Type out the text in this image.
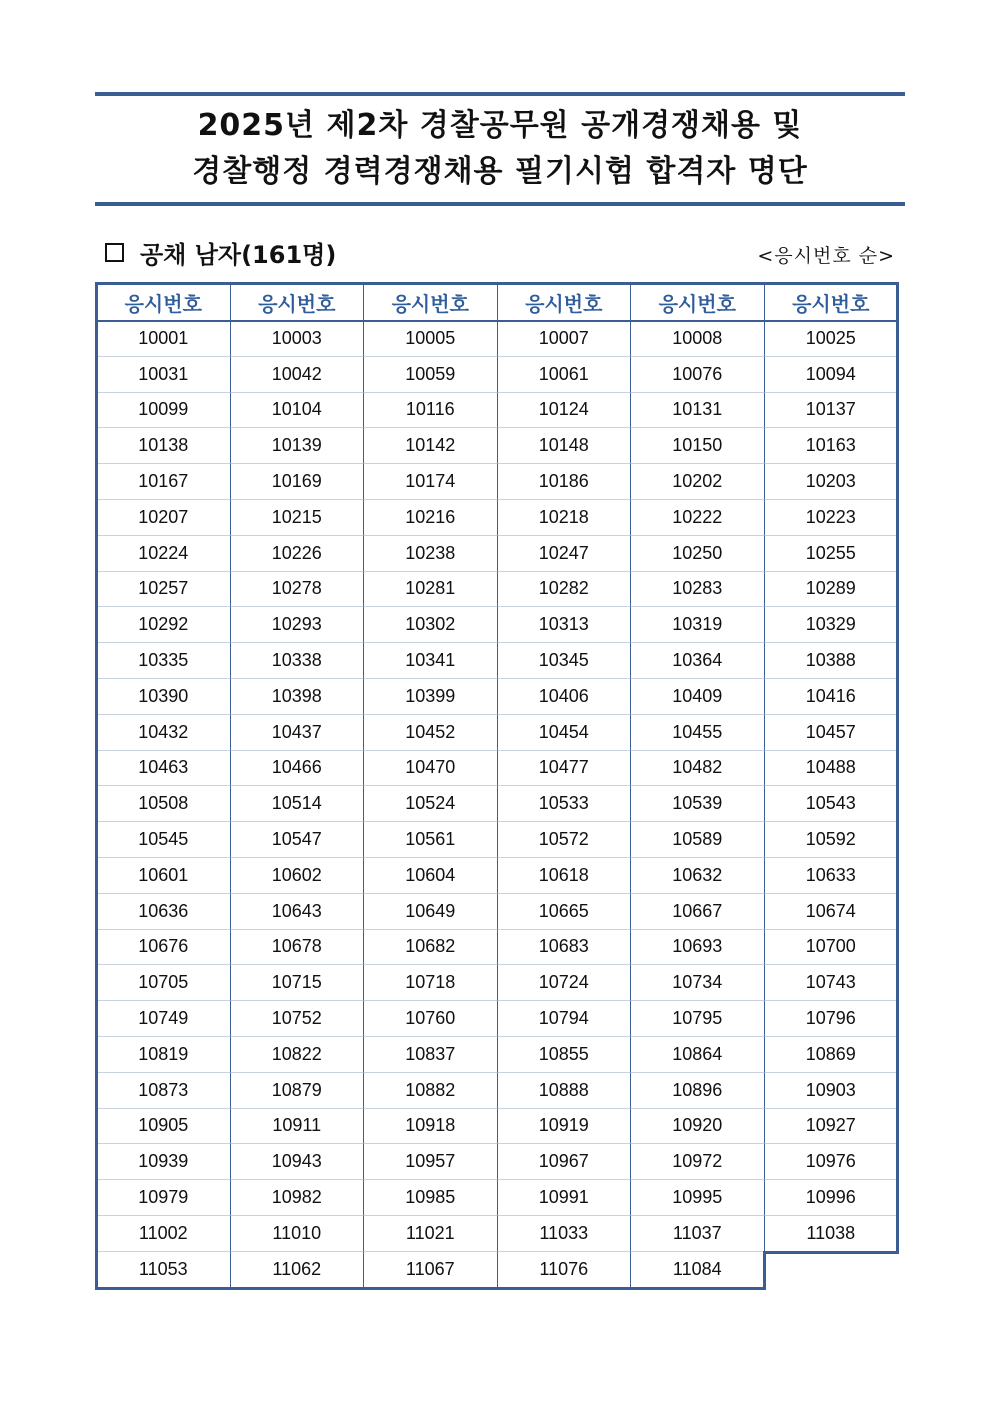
2025년 제2차 경찰공무원 공개경쟁채용 및
경찰행정 경력경쟁채용 필기시험 합격자 명단
공채 남자(161명)	<응시번호 순>
응시번호	응시번호	응시번호	응시번호	응시번호	응시번호
10001	10003	10005	10007	10008	10025
10031	10042	10059	10061	10076	10094
10099	10104	10116	10124	10131	10137
10138	10139	10142	10148	10150	10163
10167	10169	10174	10186	10202	10203
10207	10215	10216	10218	10222	10223
10224	10226	10238	10247	10250	10255
10257	10278	10281	10282	10283	10289
10292	10293	10302	10313	10319	10329
10335	10338	10341	10345	10364	10388
10390	10398	10399	10406	10409	10416
10432	10437	10452	10454	10455	10457
10463	10466	10470	10477	10482	10488
10508	10514	10524	10533	10539	10543
10545	10547	10561	10572	10589	10592
10601	10602	10604	10618	10632	10633
10636	10643	10649	10665	10667	10674
10676	10678	10682	10683	10693	10700
10705	10715	10718	10724	10734	10743
10749	10752	10760	10794	10795	10796
10819	10822	10837	10855	10864	10869
10873	10879	10882	10888	10896	10903
10905	10911	10918	10919	10920	10927
10939	10943	10957	10967	10972	10976
10979	10982	10985	10991	10995	10996
11002	11010	11021	11033	11037	11038
11053	11062	11067	11076	11084
